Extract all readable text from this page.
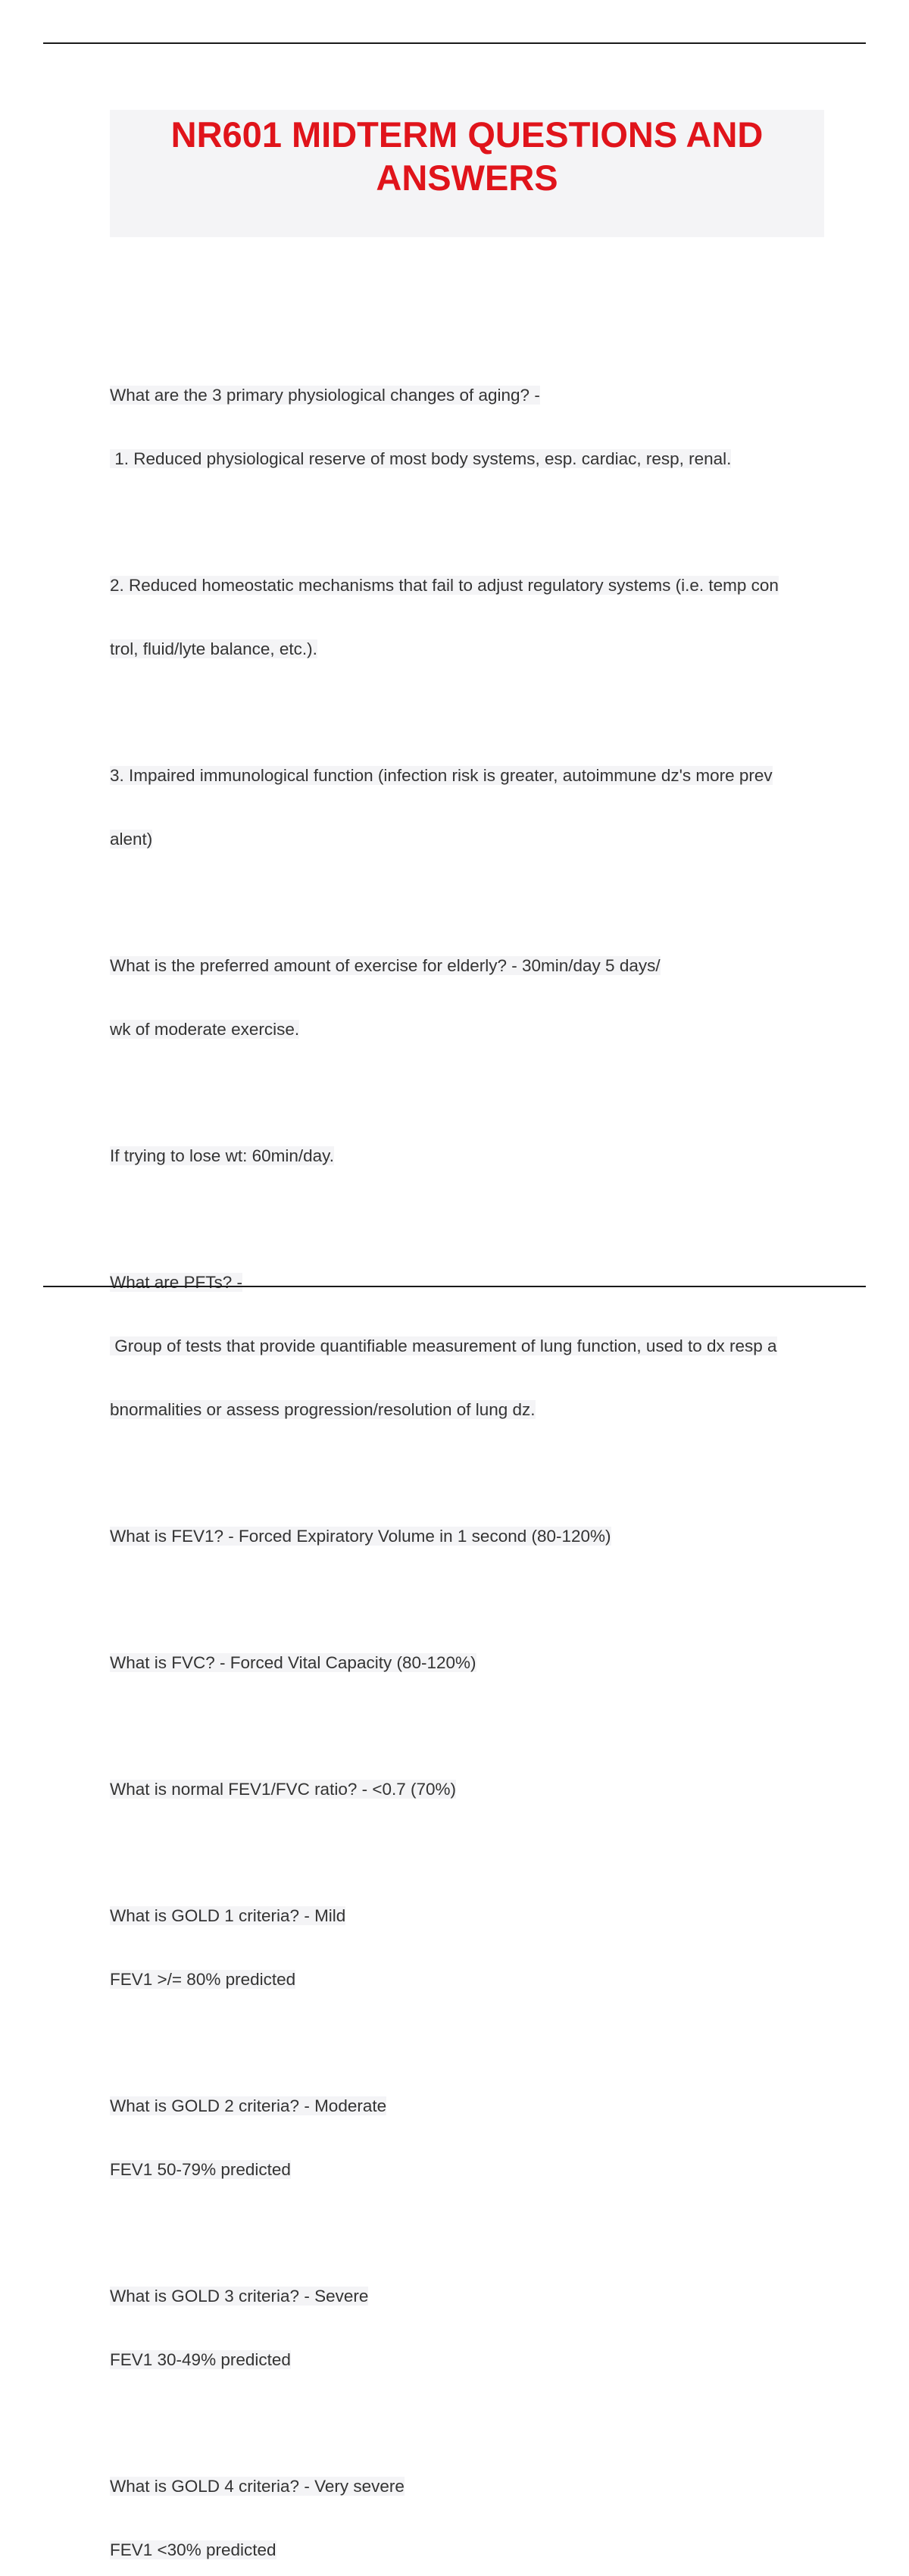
NR601 MIDTERM QUESTIONS AND
ANSWERS

What are the 3 primary physiological changes of aging? -

1. Reduced physiological reserve of most body systems, esp. cardiac, resp, renal.

2. Reduced homeostatic mechanisms that fail to adjust regulatory systems (i.e. temp con

trol, fluid/lyte balance, etc.).

3. Impaired immunological function (infection risk is greater, autoimmune dz's more prev

alent)

What is the preferred amount of exercise for elderly? - 30min/day 5 days/

wk of moderate exercise.

If trying to lose wt: 60min/day.

What are PFTs? -

Group of tests that provide quantifiable measurement of lung function, used to dx resp a

bnormalities or assess progression/resolution of lung dz.

What is FEV1? - Forced Expiratory Volume in 1 second (80-120%)

What is FVC? - Forced Vital Capacity (80-120%)

What is normal FEV1/FVC ratio? - <0.7 (70%)

What is GOLD 1 criteria? - Mild

FEV1 >/= 80% predicted

What is GOLD 2 criteria? - Moderate

FEV1 50-79% predicted

What is GOLD 3 criteria? - Severe

FEV1 30-49% predicted

What is GOLD 4 criteria? - Very severe

FEV1 <30% predicted
